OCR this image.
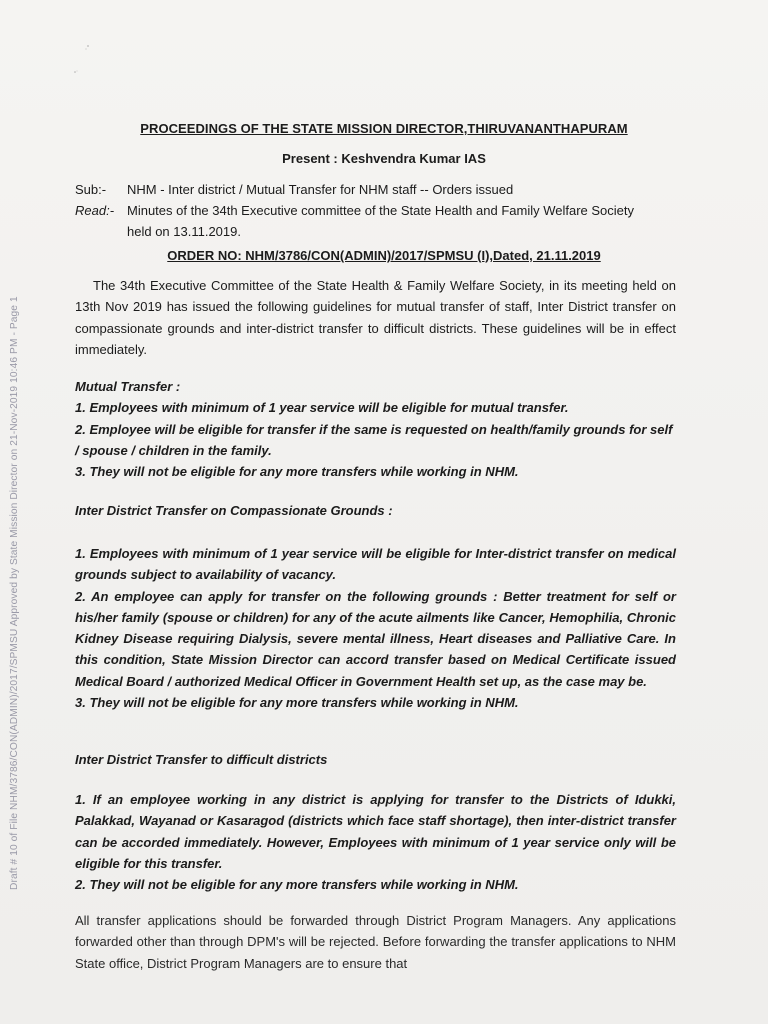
Draft # 10 of File NHM/3786/CON(ADMIN)/2017/SPMSU Approved by State Mission Director on 21-Nov-2019 10:46 PM - Page 1
PROCEEDINGS OF THE STATE MISSION DIRECTOR,THIRUVANANTHAPURAM
Present : Keshvendra Kumar IAS
Sub:-	NHM - Inter district / Mutual Transfer for NHM staff -- Orders issued
Read:- Minutes of the 34th Executive committee of the State Health and Family Welfare Society
held on 13.11.2019.
ORDER NO: NHM/3786/CON(ADMIN)/2017/SPMSU (I),Dated, 21.11.2019
The 34th Executive Committee of the State Health & Family Welfare Society, in its meeting held on 13th Nov 2019 has issued the following guidelines for mutual transfer of staff, Inter District transfer on compassionate grounds and inter-district transfer to difficult districts. These guidelines will be in effect immediately.

Mutual Transfer :

1. Employees with minimum of 1 year service will be eligible for mutual transfer.

2. Employee will be eligible for transfer if the same is requested on health/family grounds for self / spouse / children in the family.

3. They will not be eligible for any more transfers while working in NHM.

Inter District Transfer on Compassionate Grounds :

1. Employees with minimum of 1 year service will be eligible for Inter-district transfer on medical grounds subject to availability of vacancy.

2. An employee can apply for transfer on the following grounds : Better treatment for self or his/her family (spouse or children) for any of the acute ailments like Cancer, Hemophilia, Chronic Kidney Disease requiring Dialysis, severe mental illness, Heart diseases and Palliative Care. In this condition, State Mission Director can accord transfer based on Medical Certificate issued Medical Board / authorized Medical Officer in Government Health set up, as the case may be.

3. They will not be eligible for any more transfers while working in NHM.

Inter District Transfer to difficult districts

1. If an employee working in any district is applying for transfer to the Districts of Idukki, Palakkad, Wayanad or Kasaragod (districts which face staff shortage), then inter-district transfer can be accorded immediately. However, Employees with minimum of 1 year service only will be eligible for this transfer.

2. They will not be eligible for any more transfers while working in NHM.

All transfer applications should be forwarded through District Program Managers. Any applications forwarded other than through DPM's will be rejected. Before forwarding the transfer applications to NHM State office, District Program Managers are to ensure that
